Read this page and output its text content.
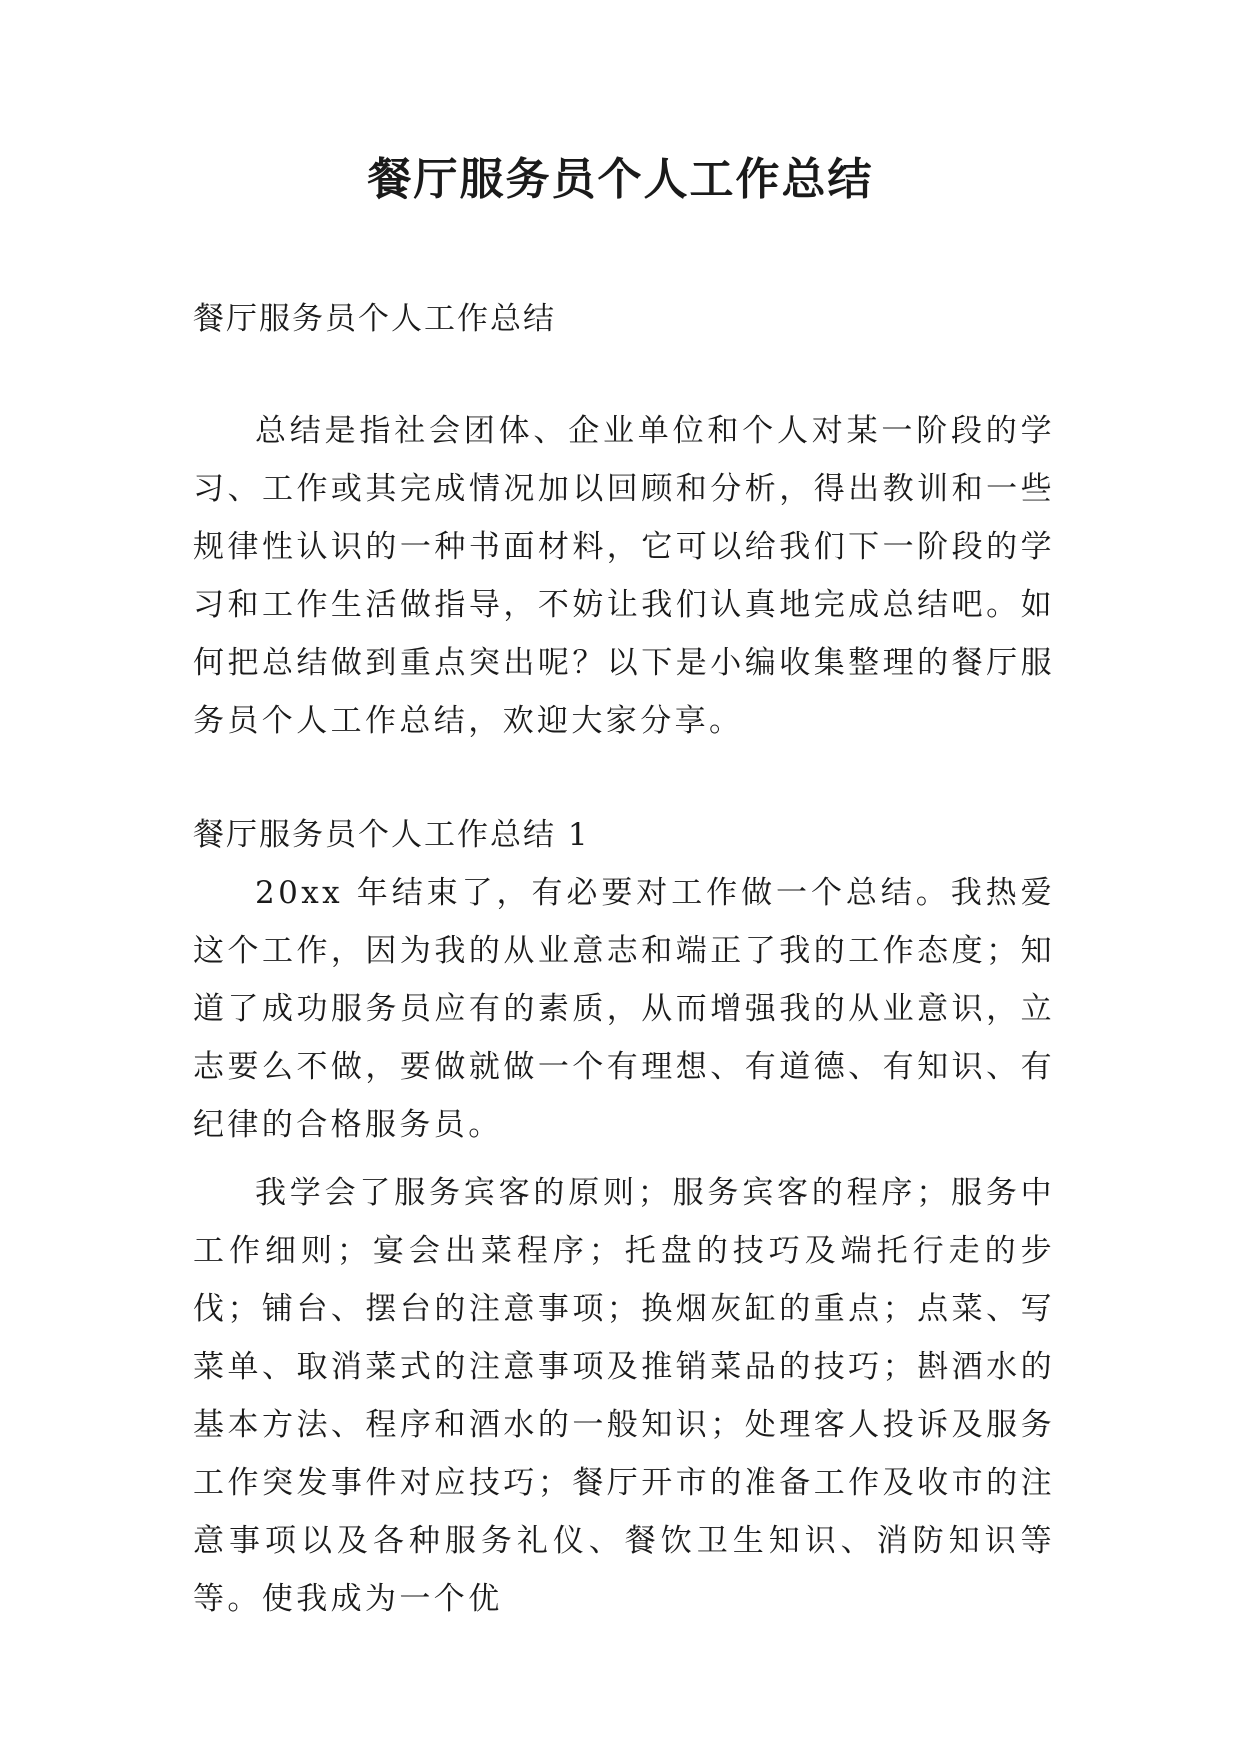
餐厅服务员个人工作总结

餐厅服务员个人工作总结

总结是指社会团体、企业单位和个人对某一阶段的学习、工作或其完成情况加以回顾和分析，得出教训和一些规律性认识的一种书面材料，它可以给我们下一阶段的学习和工作生活做指导，不妨让我们认真地完成总结吧。如何把总结做到重点突出呢？以下是小编收集整理的餐厅服务员个人工作总结，欢迎大家分享。

餐厅服务员个人工作总结 1

20xx 年结束了，有必要对工作做一个总结。我热爱这个工作，因为我的从业意志和端正了我的工作态度；知道了成功服务员应有的素质，从而增强我的从业意识，立志要么不做，要做就做一个有理想、有道德、有知识、有纪律的合格服务员。

我学会了服务宾客的原则；服务宾客的程序；服务中工作细则；宴会出菜程序；托盘的技巧及端托行走的步伐；铺台、摆台的注意事项；换烟灰缸的重点；点菜、写菜单、取消菜式的注意事项及推销菜品的技巧；斟酒水的基本方法、程序和酒水的一般知识；处理客人投诉及服务工作突发事件对应技巧；餐厅开市的准备工作及收市的注意事项以及各种服务礼仪、餐饮卫生知识、消防知识等等。使我成为一个优
